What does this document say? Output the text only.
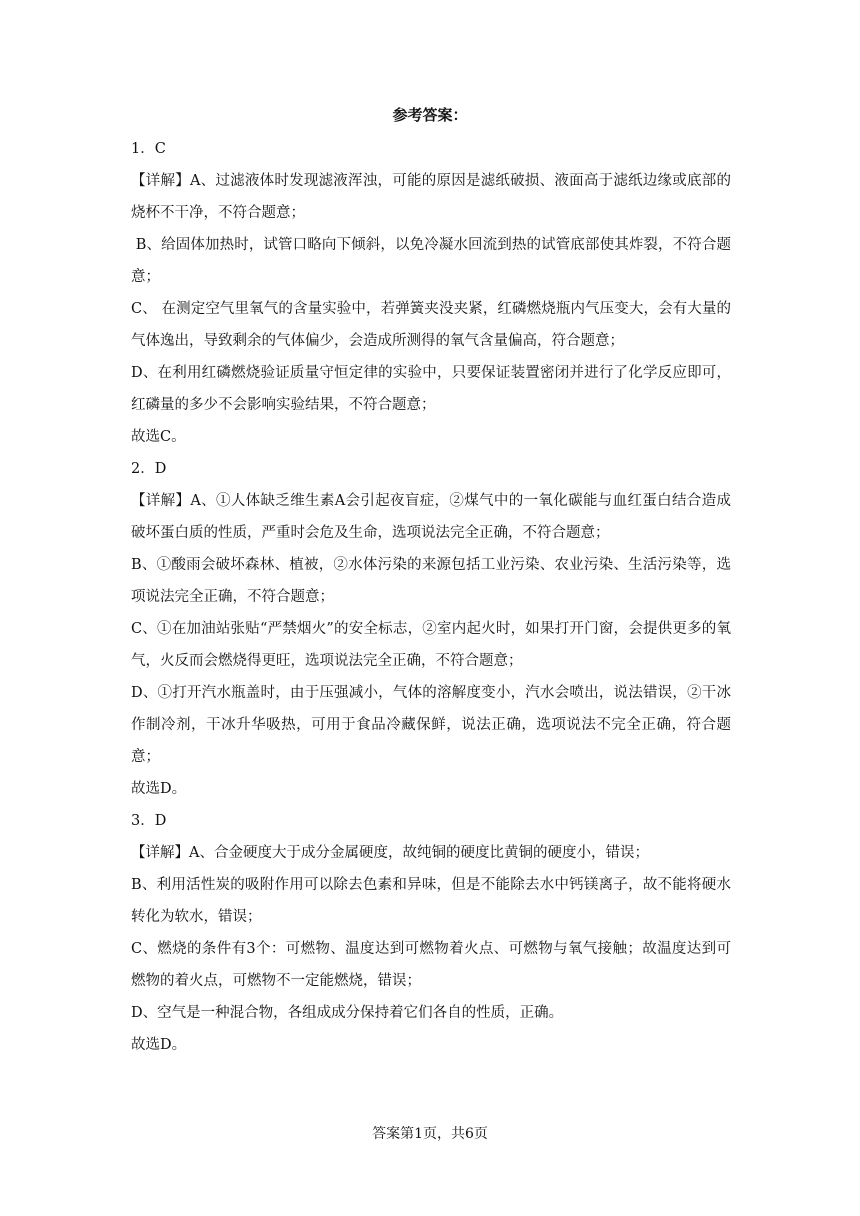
参考答案：

1．C

【详解】A、过滤液体时发现滤液浑浊，可能的原因是滤纸破损、液面高于滤纸边缘或底部的烧杯不干净，不符合题意；

B、给固体加热时，试管口略向下倾斜，以免冷凝水回流到热的试管底部使其炸裂，不符合题意；

C、 在测定空气里氧气的含量实验中，若弹簧夹没夹紧，红磷燃烧瓶内气压变大，会有大量的气体逸出，导致剩余的气体偏少，会造成所测得的氧气含量偏高，符合题意；

D、在利用红磷燃烧验证质量守恒定律的实验中，只要保证装置密闭并进行了化学反应即可，红磷量的多少不会影响实验结果，不符合题意；

故选C。

2．D

【详解】A、①人体缺乏维生素A会引起夜盲症，②煤气中的一氧化碳能与血红蛋白结合造成破坏蛋白质的性质，严重时会危及生命，选项说法完全正确，不符合题意；

B、①酸雨会破坏森林、植被，②水体污染的来源包括工业污染、农业污染、生活污染等，选项说法完全正确，不符合题意；

C、①在加油站张贴“严禁烟火”的安全标志，②室内起火时，如果打开门窗，会提供更多的氧气，火反而会燃烧得更旺，选项说法完全正确，不符合题意；

D、①打开汽水瓶盖时，由于压强减小，气体的溶解度变小，汽水会喷出，说法错误，②干冰作制冷剂，干冰升华吸热，可用于食品冷藏保鲜，说法正确，选项说法不完全正确，符合题意；

故选D。

3．D

【详解】A、合金硬度大于成分金属硬度，故纯铜的硬度比黄铜的硬度小，错误；

B、利用活性炭的吸附作用可以除去色素和异味，但是不能除去水中钙镁离子，故不能将硬水转化为软水，错误；

C、燃烧的条件有3个：可燃物、温度达到可燃物着火点、可燃物与氧气接触；故温度达到可燃物的着火点，可燃物不一定能燃烧，错误；

D、空气是一种混合物，各组成成分保持着它们各自的性质，正确。

故选D。

答案第1页，共6页
